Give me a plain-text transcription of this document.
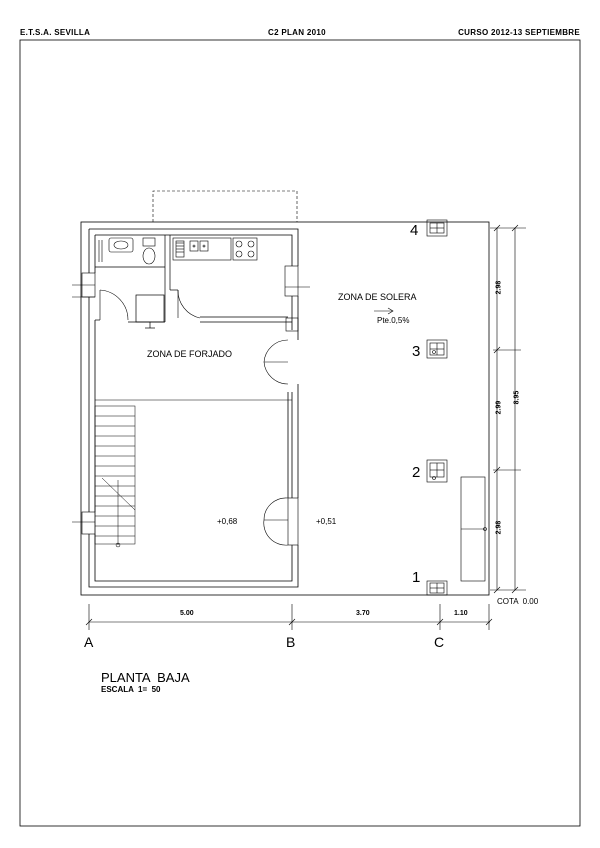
E.T.S.A. SEVILLA	C2 PLAN 2010	CURSO 2012-13 SEPTIEMBRE
ZONA DE SOLERA
Pte.0,5%
ZONA DE FORJADO
+0,68	+0,51
4
3
2
1
5.00	3.70	1.10
2.98
2.99
2.98
8.95
COTA  0.00
A	B	C
PLANTA  BAJA
ESCALA  1=  50
